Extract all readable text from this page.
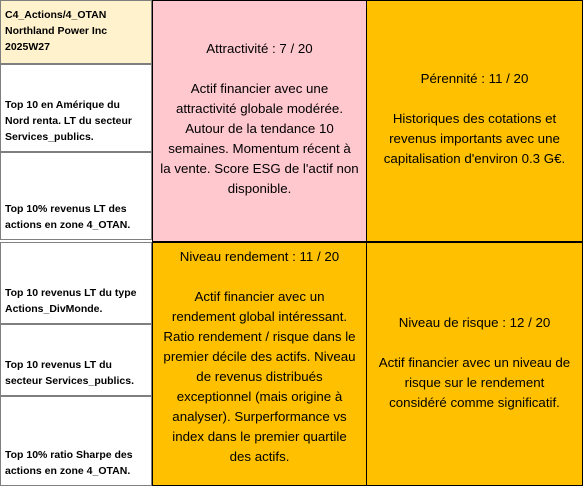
C4_Actions/4_OTAN
Northland Power Inc
2025W27
Top 10 en Amérique du
Nord renta. LT du secteur
Services_publics.
Top 10% revenus LT des
actions en zone 4_OTAN.
Top 10 revenus LT du type
Actions_DivMonde.
Top 10 revenus LT du
secteur Services_publics.
Top 10% ratio Sharpe des
actions en zone 4_OTAN.
Attractivité : 7 / 20
Actif financier avec une
attractivité globale modérée.
Autour de la tendance 10
semaines. Momentum récent à
la vente. Score ESG de l'actif non
disponible.
Pérennité : 11 / 20
Historiques des cotations et
revenus importants avec une
capitalisation d'environ 0.3 G€.
Niveau rendement : 11 / 20
Actif financier avec un
rendement global intéressant.
Ratio rendement / risque dans le
premier décile des actifs. Niveau
de revenus distribués
exceptionnel (mais origine à
analyser). Surperformance vs
index dans le premier quartile
des actifs.
Niveau de risque : 12 / 20
Actif financier avec un niveau de
risque sur le rendement
considéré comme significatif.
